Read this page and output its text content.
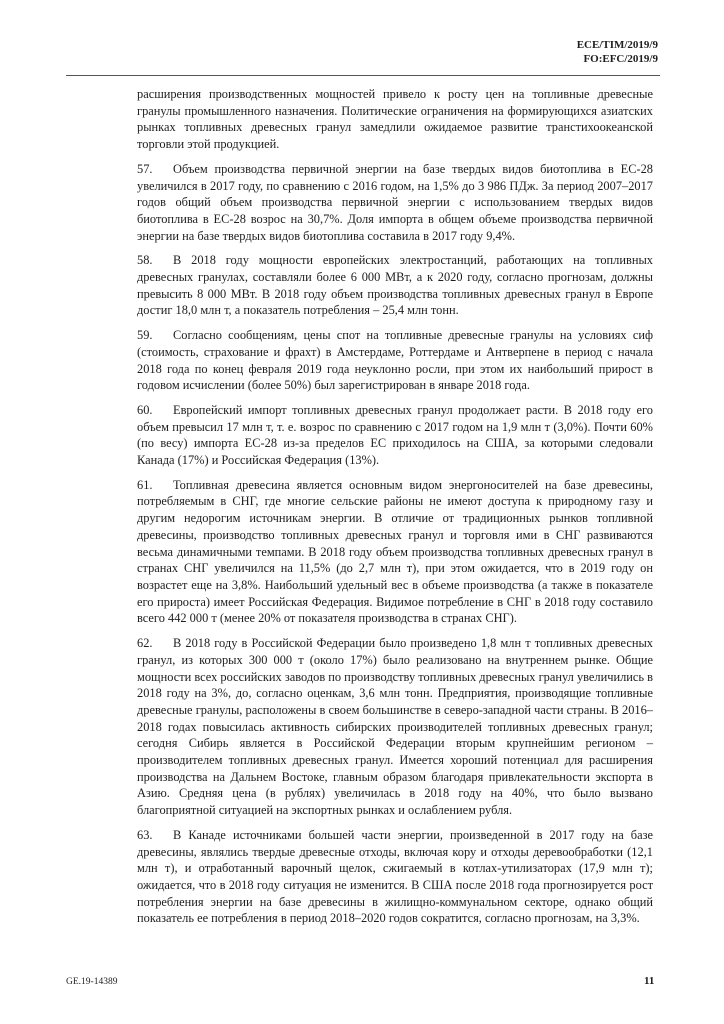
ECE/TIM/2019/9
FO:EFC/2019/9

расширения производственных мощностей привело к росту цен на топливные древесные гранулы промышленного назначения. Политические ограничения на формирующихся азиатских рынках топливных древесных гранул замедлили ожидаемое развитие транстихоокеанской торговли этой продукцией.

57. Объем производства первичной энергии на базе твердых видов биотоплива в ЕС-28 увеличился в 2017 году, по сравнению с 2016 годом, на 1,5% до 3 986 ПДж. За период 2007–2017 годов общий объем производства первичной энергии с использованием твердых видов биотоплива в ЕС-28 возрос на 30,7%. Доля импорта в общем объеме производства первичной энергии на базе твердых видов биотоплива составила в 2017 году 9,4%.

58. В 2018 году мощности европейских электростанций, работающих на топливных древесных гранулах, составляли более 6 000 МВт, а к 2020 году, согласно прогнозам, должны превысить 8 000 МВт. В 2018 году объем производства топливных древесных гранул в Европе достиг 18,0 млн т, а показатель потребления – 25,4 млн тонн.

59. Согласно сообщениям, цены спот на топливные древесные гранулы на условиях сиф (стоимость, страхование и фрахт) в Амстердаме, Роттердаме и Антверпене в период с начала 2018 года по конец февраля 2019 года неуклонно росли, при этом их наибольший прирост в годовом исчислении (более 50%) был зарегистрирован в январе 2018 года.

60. Европейский импорт топливных древесных гранул продолжает расти. В 2018 году его объем превысил 17 млн т, т. е. возрос по сравнению с 2017 годом на 1,9 млн т (3,0%). Почти 60% (по весу) импорта ЕС-28 из-за пределов ЕС приходилось на США, за которыми следовали Канада (17%) и Российская Федерация (13%).

61. Топливная древесина является основным видом энергоносителей на базе древесины, потребляемым в СНГ, где многие сельские районы не имеют доступа к природному газу и другим недорогим источникам энергии. В отличие от традиционных рынков топливной древесины, производство топливных древесных гранул и торговля ими в СНГ развиваются весьма динамичными темпами. В 2018 году объем производства топливных древесных гранул в странах СНГ увеличился на 11,5% (до 2,7 млн т), при этом ожидается, что в 2019 году он возрастет еще на 3,8%. Наибольший удельный вес в объеме производства (а также в показателе его прироста) имеет Российская Федерация. Видимое потребление в СНГ в 2018 году составило всего 442 000 т (менее 20% от показателя производства в странах СНГ).

62. В 2018 году в Российской Федерации было произведено 1,8 млн т топливных древесных гранул, из которых 300 000 т (около 17%) было реализовано на внутреннем рынке. Общие мощности всех российских заводов по производству топливных древесных гранул увеличились в 2018 году на 3%, до, согласно оценкам, 3,6 млн тонн. Предприятия, производящие топливные древесные гранулы, расположены в своем большинстве в северо-западной части страны. В 2016–2018 годах повысилась активность сибирских производителей топливных древесных гранул; сегодня Сибирь является в Российской Федерации вторым крупнейшим регионом – производителем топливных древесных гранул. Имеется хороший потенциал для расширения производства на Дальнем Востоке, главным образом благодаря привлекательности экспорта в Азию. Средняя цена (в рублях) увеличилась в 2018 году на 40%, что было вызвано благоприятной ситуацией на экспортных рынках и ослаблением рубля.

63. В Канаде источниками большей части энергии, произведенной в 2017 году на базе древесины, являлись твердые древесные отходы, включая кору и отходы деревообработки (12,1 млн т), и отработанный варочный щелок, сжигаемый в котлах-утилизаторах (17,9 млн т); ожидается, что в 2018 году ситуация не изменится. В США после 2018 года прогнозируется рост потребления энергии на базе древесины в жилищно-коммунальном секторе, однако общий показатель ее потребления в период 2018–2020 годов сократится, согласно прогнозам, на 3,3%.

GE.19-14389	11
